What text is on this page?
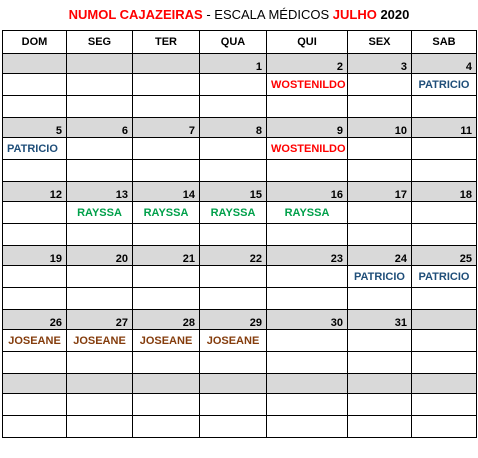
NUMOL CAJAZEIRAS - ESCALA MÉDICOS JULHO 2020
DOM	SEG	TER	QUA	QUI	SEX	SAB
			1	2	3	4
				WOSTENILDO		PATRICIO

5	6	7	8	9	10	11
PATRICIO				WOSTENILDO		

12	13	14	15	16	17	18
	RAYSSA	RAYSSA	RAYSSA	RAYSSA		

19	20	21	22	23	24	25
					PATRICIO	PATRICIO

26	27	28	29	30	31	
JOSEANE	JOSEANE	JOSEANE	JOSEANE			
